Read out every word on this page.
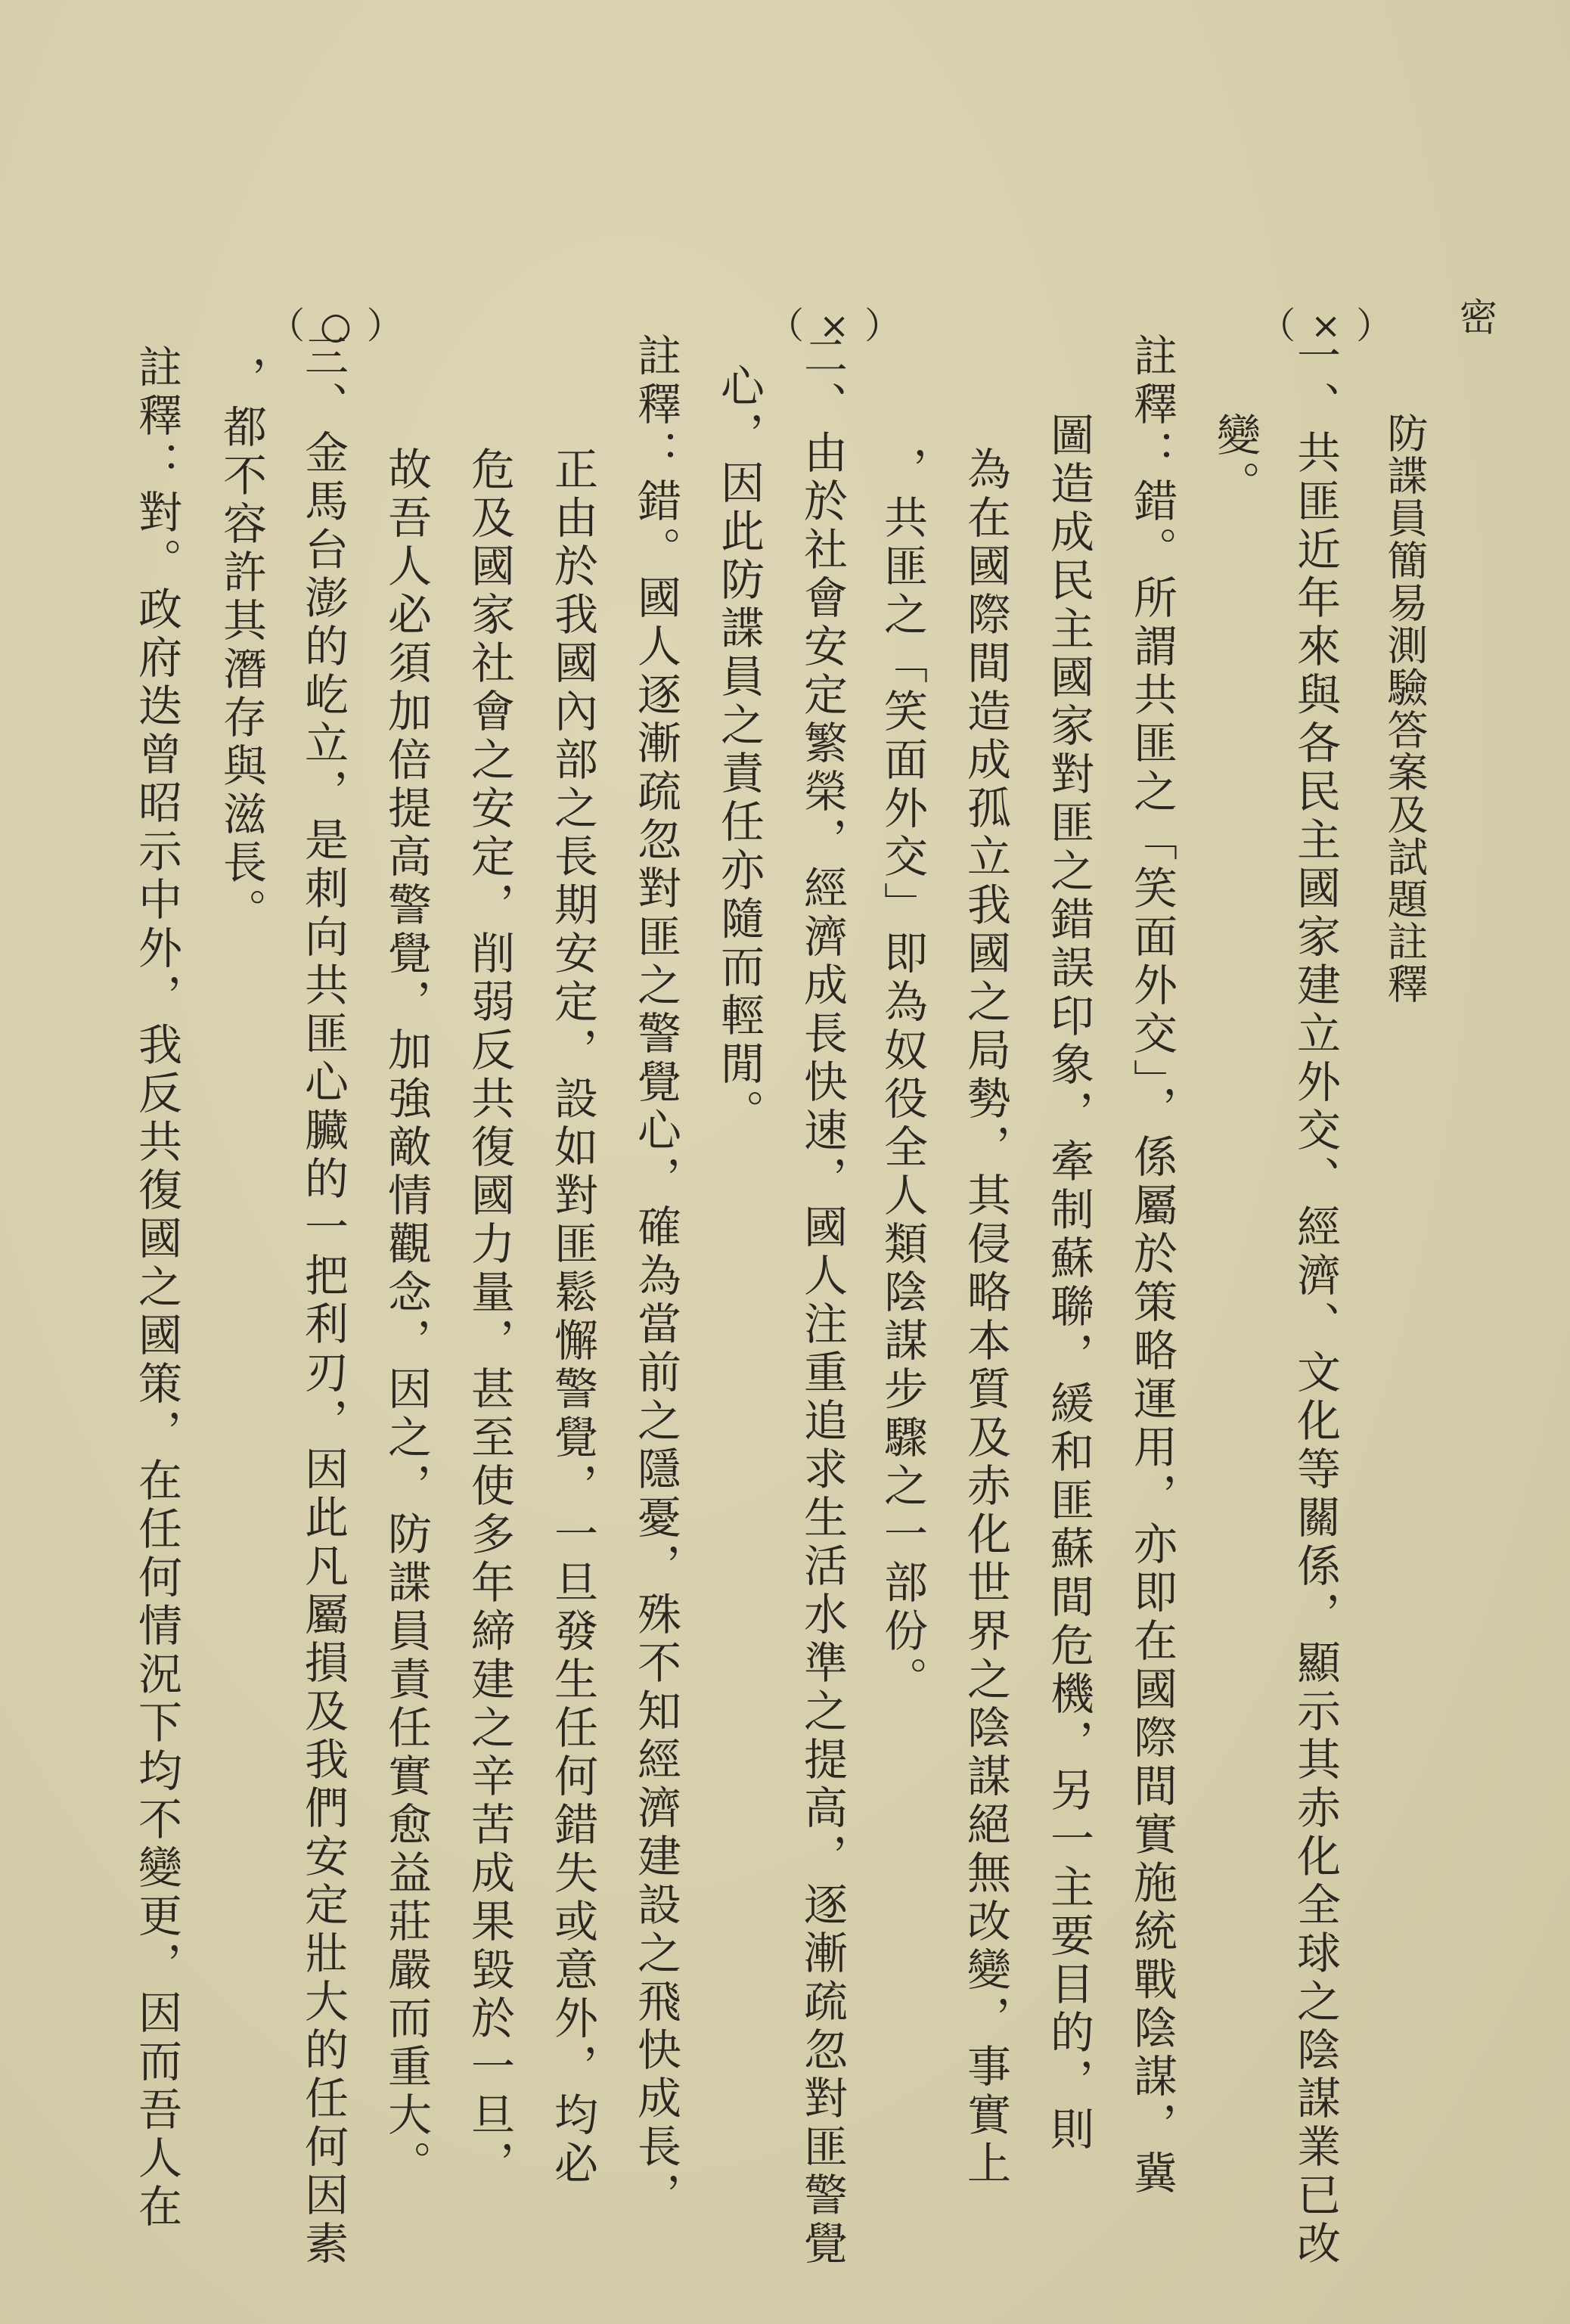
密
防諜員簡易測驗答案及試題註釋
（×）
一、共匪近年來與各民主國家建立外交、經濟、文化等關係，顯示其赤化全球之陰謀業已改
變。
註釋：錯。所謂共匪之「笑面外交」，係屬於策略運用，亦即在國際間實施統戰陰謀，冀
圖造成民主國家對匪之錯誤印象，牽制蘇聯，緩和匪蘇間危機，另一主要目的，則
為在國際間造成孤立我國之局勢，其侵略本質及赤化世界之陰謀絕無改變，事實上
，共匪之「笑面外交」即為奴役全人類陰謀步驟之一部份。
（×）
二、由於社會安定繁榮，經濟成長快速，國人注重追求生活水準之提高，逐漸疏忽對匪警覺
心，因此防諜員之責任亦隨而輕閒。
註釋：錯。國人逐漸疏忽對匪之警覺心，確為當前之隱憂，殊不知經濟建設之飛快成長，
正由於我國內部之長期安定，設如對匪鬆懈警覺，一旦發生任何錯失或意外，均必
危及國家社會之安定，削弱反共復國力量，甚至使多年締建之辛苦成果毀於一旦，
故吾人必須加倍提高警覺，加強敵情觀念，因之，防諜員責任實愈益莊嚴而重大。
（○）
三、金馬台澎的屹立，是刺向共匪心臟的一把利刃，因此凡屬損及我們安定壯大的任何因素
，都不容許其潛存與滋長。
註釋：對。政府迭曾昭示中外，我反共復國之國策，在任何情況下均不變更，因而吾人在
